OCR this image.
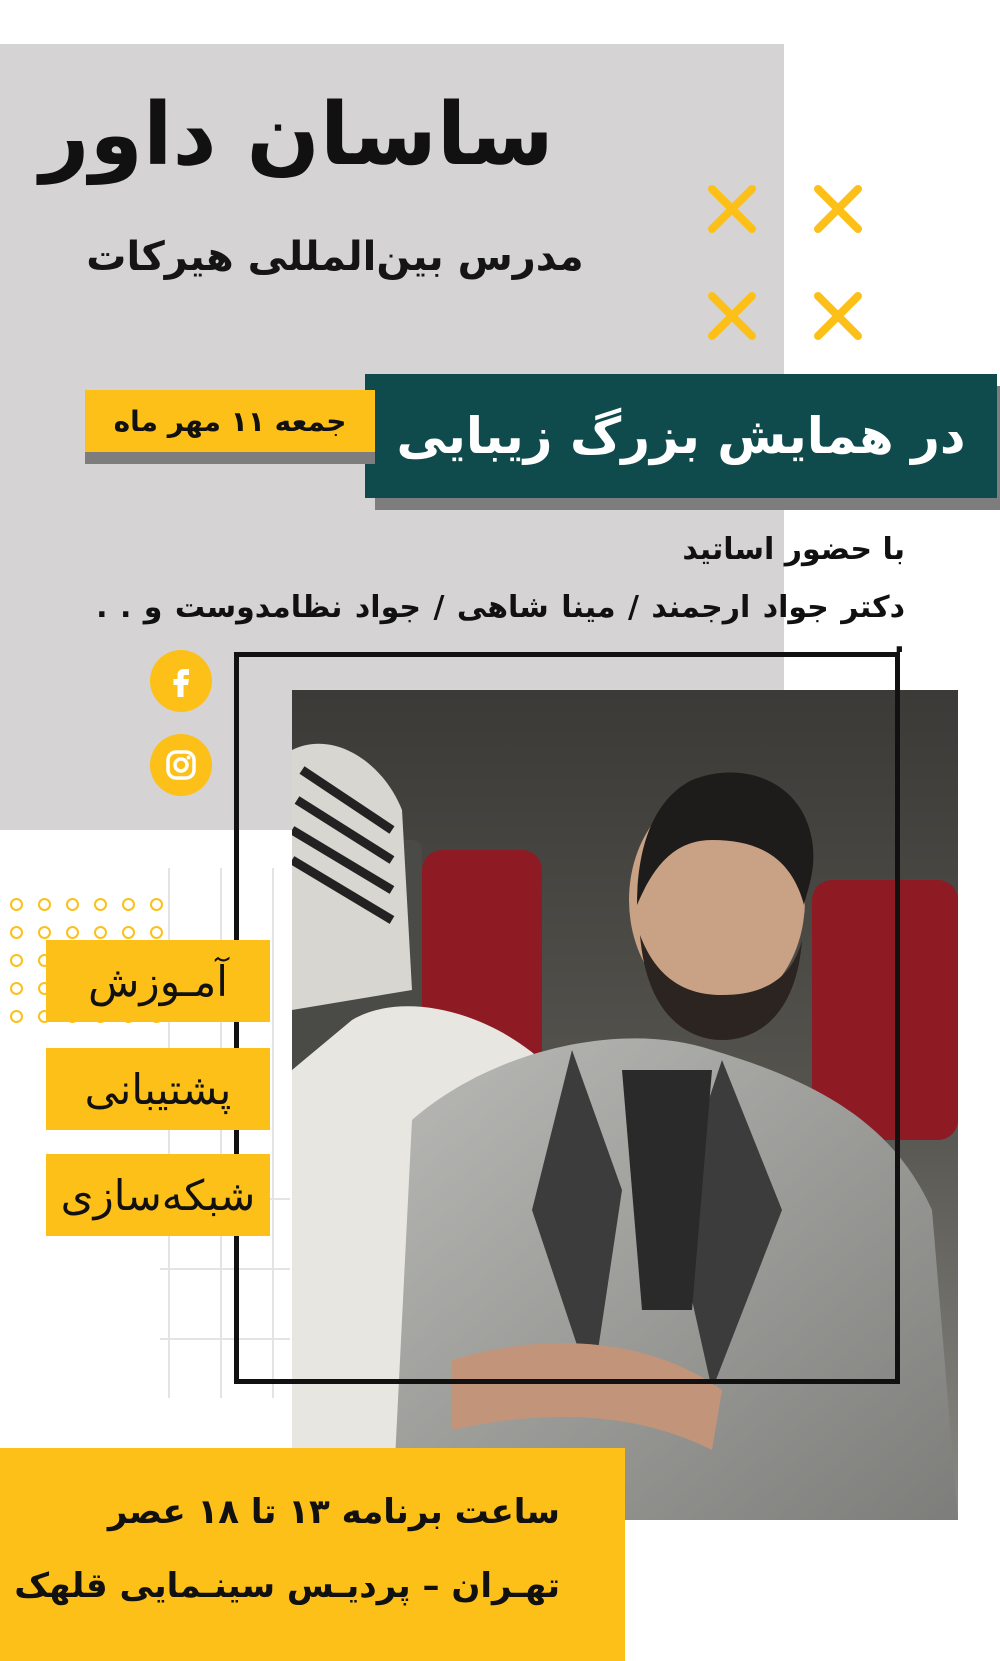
ساسان داور
مدرس بین‌المللی هیرکات
در همایش بزرگ زیبایی
جمعه ۱۱ مهر ماه
با حضور اساتید
دکتر جواد ارجمند / مینا شاهی / جواد نظامدوست و . . .
آمـوزش
پشتیبانی
شبکه‌سازی
ساعت برنامه ۱۳ تا ۱۸ عصر
تهـران – پردیـس سینـمایی قلهک
